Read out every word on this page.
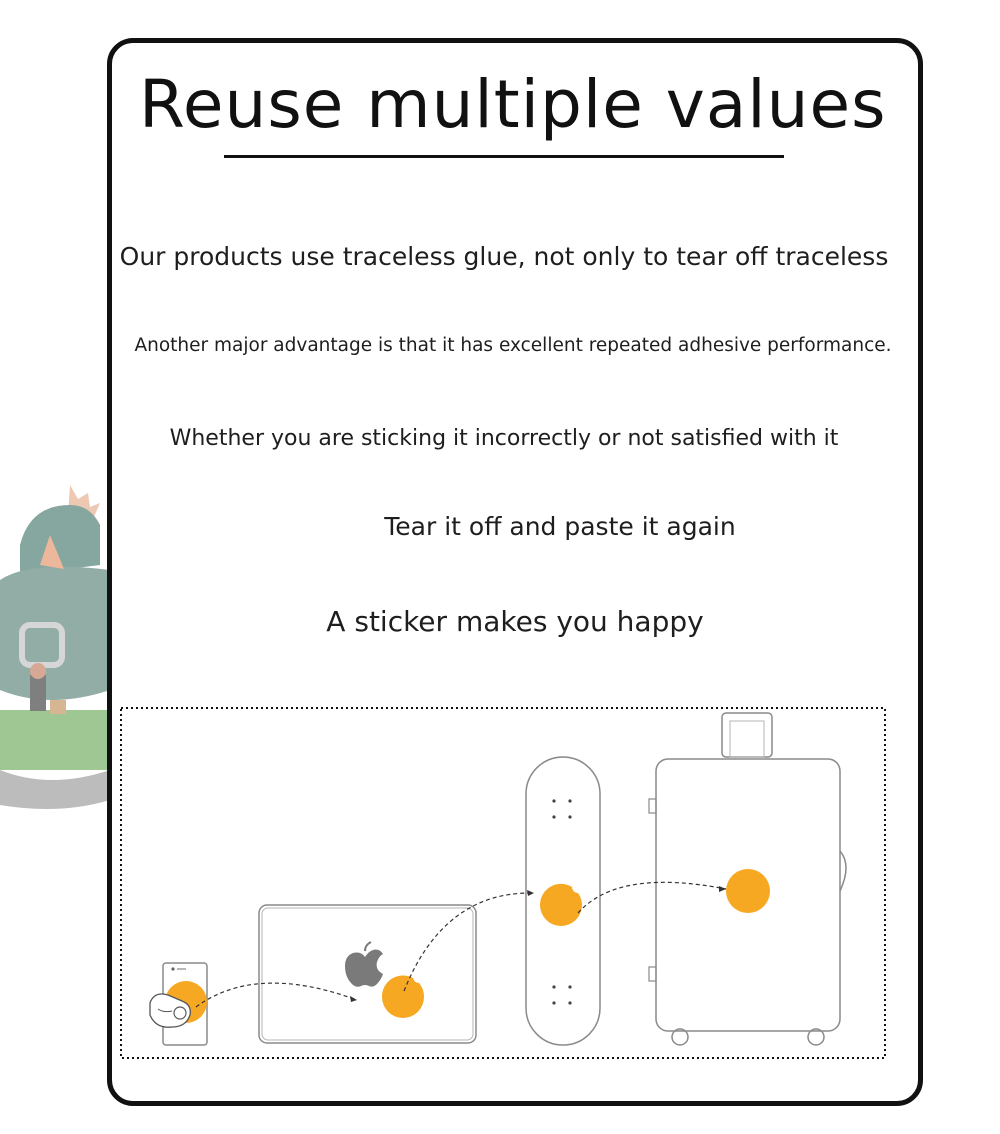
Reuse multiple values
Our products use traceless glue, not only to tear off traceless
Another major advantage is that it has excellent repeated adhesive performance.
Whether you are sticking it incorrectly or not satisfied with it
Tear it off and paste it again
A sticker makes you happy
